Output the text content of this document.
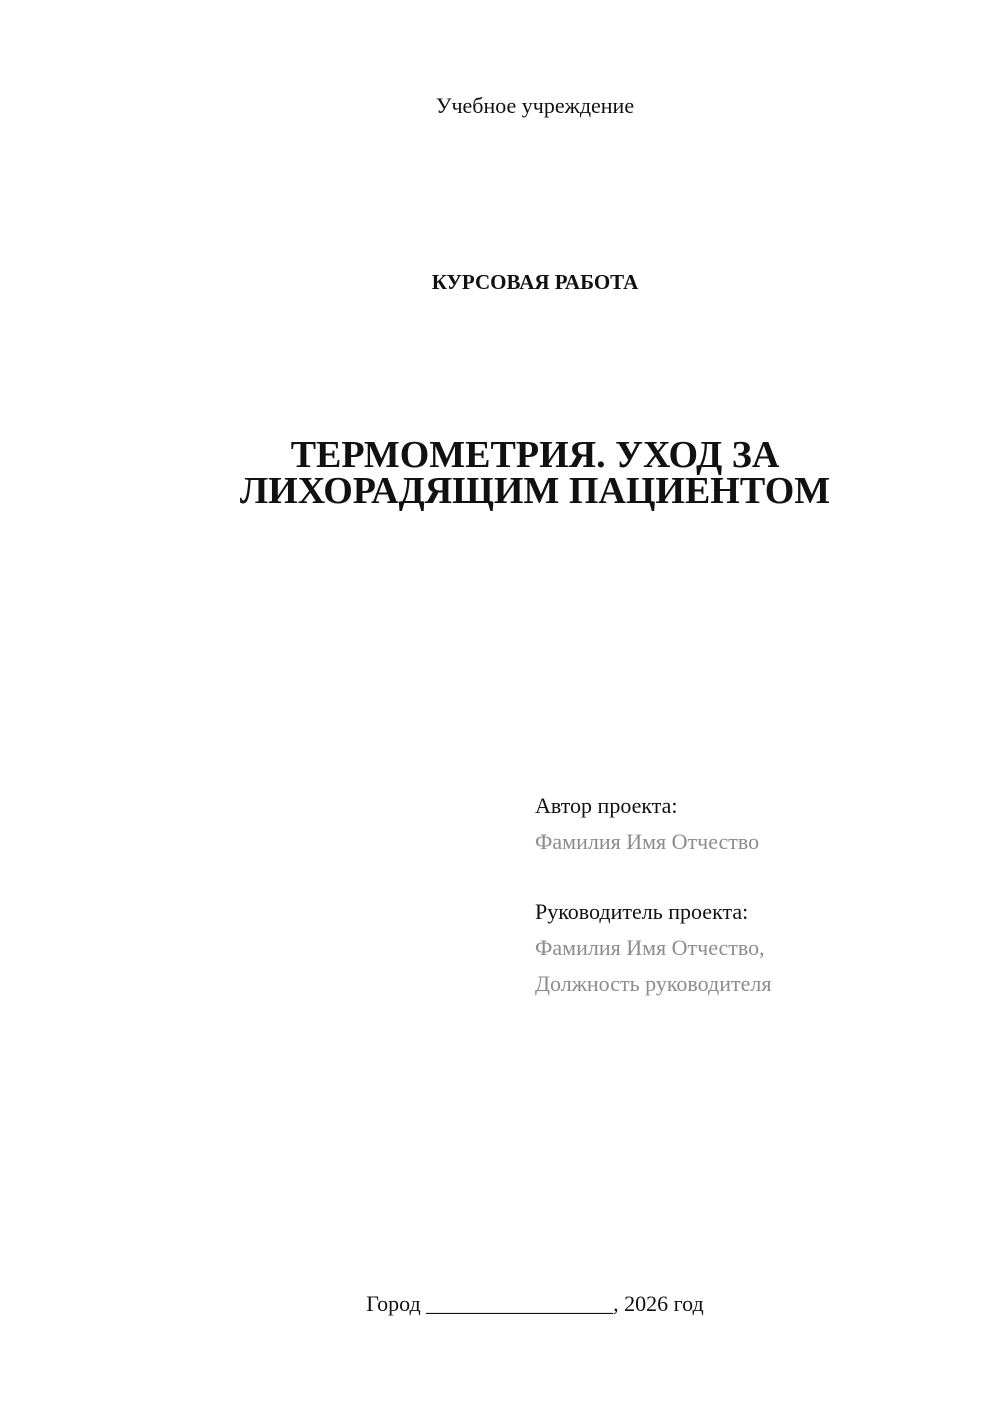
Учебное учреждение
КУРСОВАЯ РАБОТА
ТЕРМОМЕТРИЯ. УХОД ЗА
ЛИХОРАДЯЩИМ ПАЦИЕНТОМ
Автор проекта:
Фамилия Имя Отчество
Руководитель проекта:
Фамилия Имя Отчество,
Должность руководителя
Город _________________, 2026 год
